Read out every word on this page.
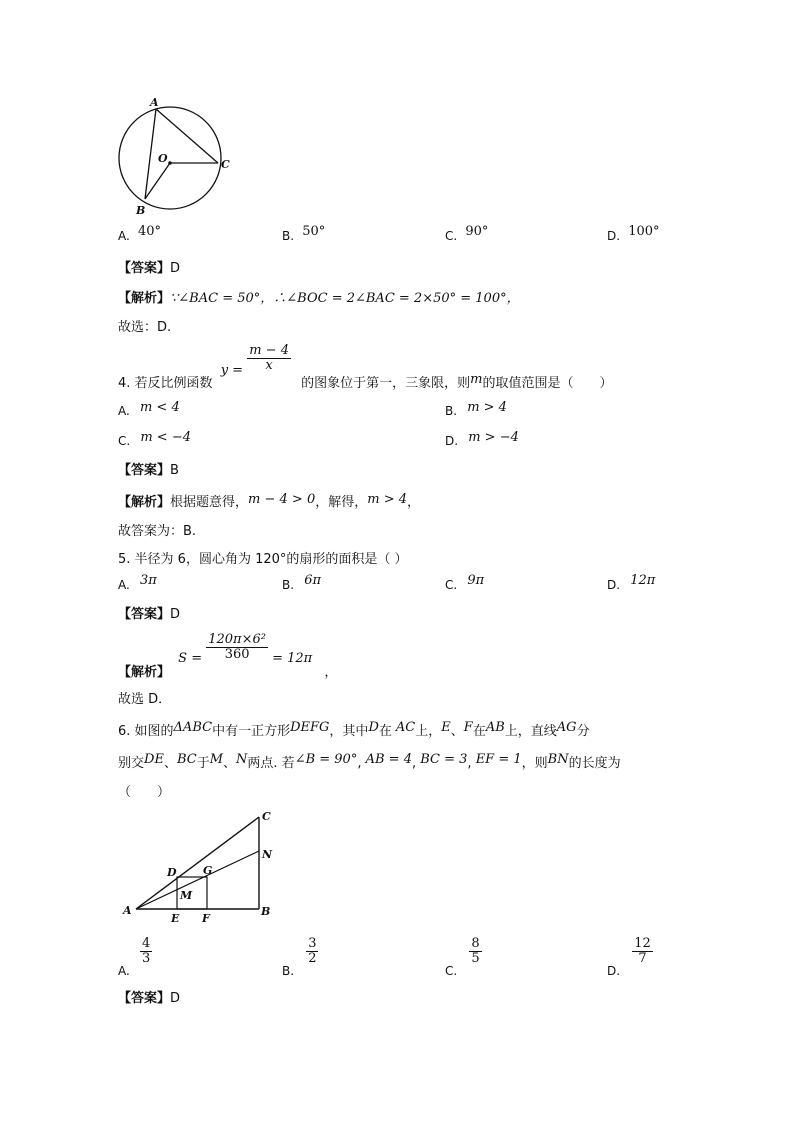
A
O	C
B
A. 40°	B. 50°	C. 90°	D. 100°
【答案】D
【解析】∵∠BAC = 50°，∴∠BOC = 2∠BAC = 2×50° = 100°，
故选：D.
4. 若反比例函数 $y = \frac{m - 4}{x}$
的图象位于第一，三象限，则m的取值范围是（　　）
A. m < 4	B. m > 4
C. m < −4	D. m > −4
【答案】B
【解析】根据题意得，m − 4 > 0，解得，m > 4，
故答案为：B.
5. 半径为 6，圆心角为 120°的扇形的面积是（ ）
A. 3π	B. 6π	C. 9π	D. 12π
【答案】D
【解析】 $S = \frac{\text{120π×6²}}{360} = 12\pi$ ，
故选 D．
6. 如图的ΔABC中有一正方形DEFG，其中D在 AC上，E、F在AB上，直线AG分
别交DE、BC于M、N两点. 若∠B = 90°, AB = 4, BC = 3, EF = 1，则BN的长度为
（　　）
C
N
D G
M
A
E F
B
A.
$\frac{4}{3}$
B.
$\frac{3}{2}$
C.
$\frac{8}{5}$
D.
$\frac{12}{7}$
【答案】D
